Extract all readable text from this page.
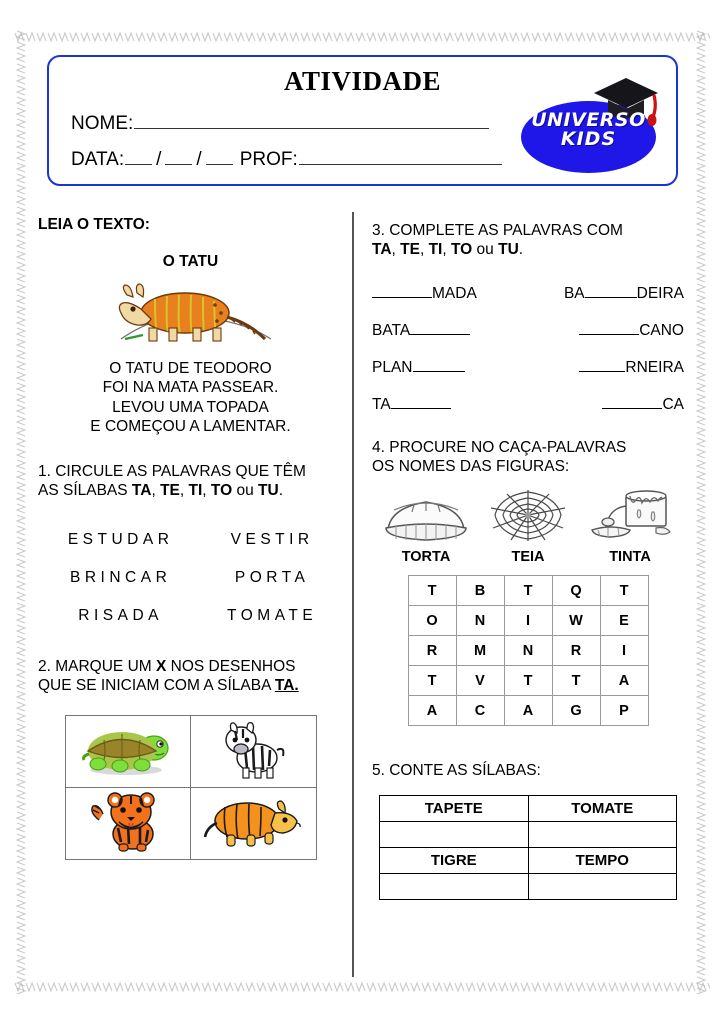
ATIVIDADE
NOME:
DATA: / /	PROF:
UNIVERSO
KIDS
LEIA O TEXTO:
O TATU
O TATU DE TEODORO
FOI NA MATA PASSEAR.
LEVOU UMA TOPADA
E COMEÇOU A LAMENTAR.
1. CIRCULE AS PALAVRAS QUE TÊM
AS SÍLABAS TA, TE, TI, TO ou TU.
ESTUDAR	VESTIR
BRINCAR	PORTA
RISADA	TOMATE
2. MARQUE UM X NOS DESENHOS
QUE SE INICIAM COM A SÍLABA TA.

3. COMPLETE AS PALAVRAS COM
TA, TE, TI, TO ou TU.
MADA	BA DEIRA
BATA	CANO
PLAN	RNEIRA
TA	CA
4. PROCURE NO CAÇA-PALAVRAS
OS NOMES DAS FIGURAS:
TORTA	TEIA	TINTA
T	B	T	Q	T
O	N	I	W	E
R	M	N	R	I
T	V	T	T	A
A	C	A	G	P
5. CONTE AS SÍLABAS:
TAPETE	TOMATE

TIGRE	TEMPO
